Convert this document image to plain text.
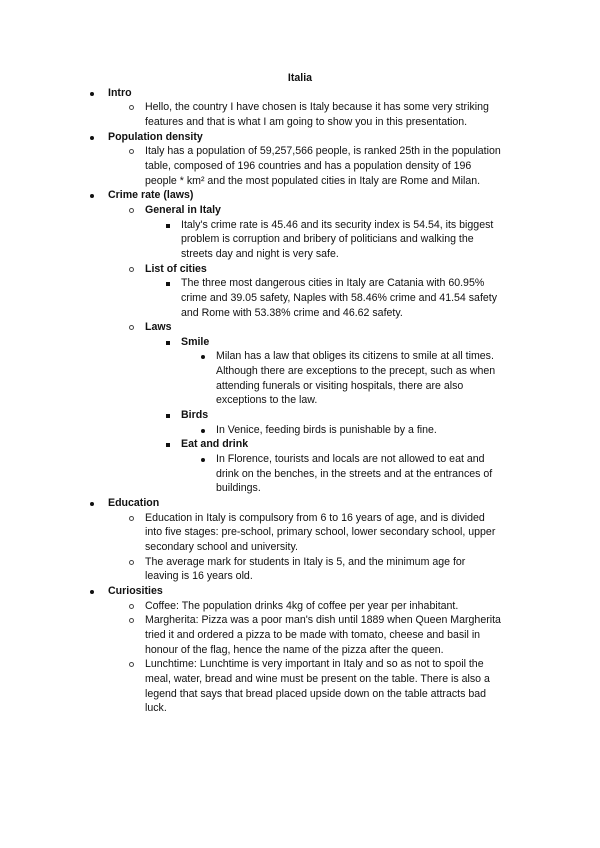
Italia
Intro
Hello, the country I have chosen is Italy because it has some very striking features and that is what I am going to show you in this presentation.
Population density
Italy has a population of 59,257,566 people, is ranked 25th in the population table, composed of 196 countries and has a population density of 196 people * km² and the most populated cities in Italy are Rome and Milan.
Crime rate (laws)
General in Italy
Italy's crime rate is 45.46 and its security index is 54.54, its biggest problem is corruption and bribery of politicians and walking the streets day and night is very safe.
List of cities
The three most dangerous cities in Italy are Catania with 60.95% crime and 39.05 safety, Naples with 58.46% crime and 41.54 safety and Rome with 53.38% crime and 46.62 safety.
Laws
Smile
Milan has a law that obliges its citizens to smile at all times. Although there are exceptions to the precept, such as when attending funerals or visiting hospitals, there are also exceptions to the law.
Birds
In Venice, feeding birds is punishable by a fine.
Eat and drink
In Florence, tourists and locals are not allowed to eat and drink on the benches, in the streets and at the entrances of buildings.
Education
Education in Italy is compulsory from 6 to 16 years of age, and is divided into five stages: pre-school, primary school, lower secondary school, upper secondary school and university.
The average mark for students in Italy is 5, and the minimum age for leaving is 16 years old.
Curiosities
Coffee: The population drinks 4kg of coffee per year per inhabitant.
Margherita: Pizza was a poor man's dish until 1889 when Queen Margherita tried it and ordered a pizza to be made with tomato, cheese and basil in honour of the flag, hence the name of the pizza after the queen.
Lunchtime: Lunchtime is very important in Italy and so as not to spoil the meal, water, bread and wine must be present on the table. There is also a legend that says that bread placed upside down on the table attracts bad luck.
